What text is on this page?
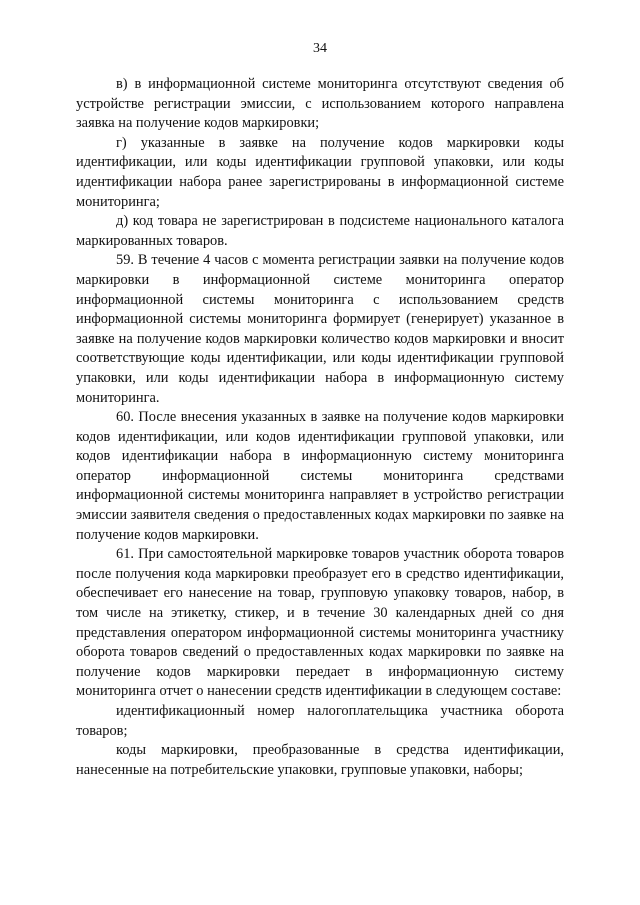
34

в) в информационной системе мониторинга отсутствуют сведения об устройстве регистрации эмиссии, с использованием которого направлена заявка на получение кодов маркировки;

г) указанные в заявке на получение кодов маркировки коды идентификации, или коды идентификации групповой упаковки, или коды идентификации набора ранее зарегистрированы в информационной системе мониторинга;

д) код товара не зарегистрирован в подсистеме национального каталога маркированных товаров.

59. В течение 4 часов с момента регистрации заявки на получение кодов маркировки в информационной системе мониторинга оператор информационной системы мониторинга с использованием средств информационной системы мониторинга формирует (генерирует) указанное в заявке на получение кодов маркировки количество кодов маркировки и вносит соответствующие коды идентификации, или коды идентификации групповой упаковки, или коды идентификации набора в информационную систему мониторинга.

60. После внесения указанных в заявке на получение кодов маркировки кодов идентификации, или кодов идентификации групповой упаковки, или кодов идентификации набора в информационную систему мониторинга оператор информационной системы мониторинга средствами информационной системы мониторинга направляет в устройство регистрации эмиссии заявителя сведения о предоставленных кодах маркировки по заявке на получение кодов маркировки.

61. При самостоятельной маркировке товаров участник оборота товаров после получения кода маркировки преобразует его в средство идентификации, обеспечивает его нанесение на товар, групповую упаковку товаров, набор, в том числе на этикетку, стикер, и в течение 30 календарных дней со дня представления оператором информационной системы мониторинга участнику оборота товаров сведений о предоставленных кодах маркировки по заявке на получение кодов маркировки передает в информационную систему мониторинга отчет о нанесении средств идентификации в следующем составе:

идентификационный номер налогоплательщика участника оборота товаров;

коды маркировки, преобразованные в средства идентификации, нанесенные на потребительские упаковки, групповые упаковки, наборы;
